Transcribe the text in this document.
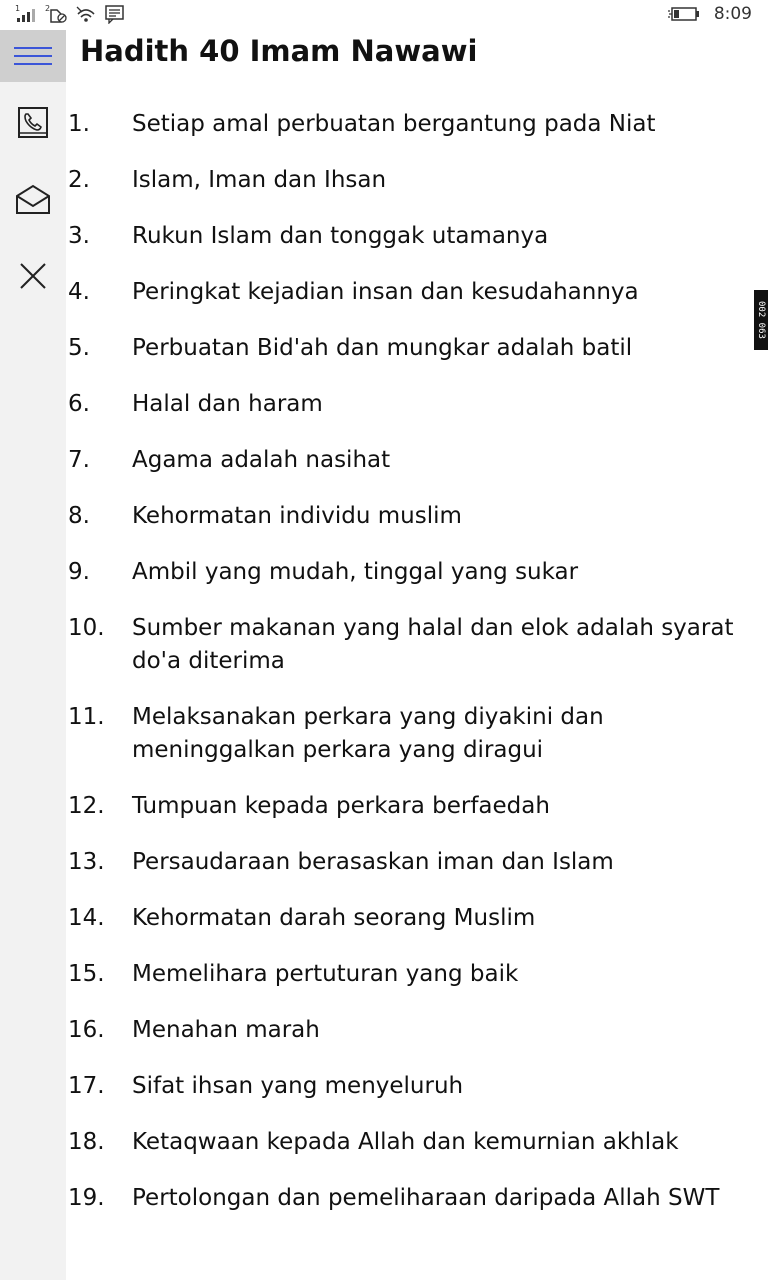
1	2	8:09
Hadith 40 Imam Nawawi
1.	Setiap amal perbuatan bergantung pada Niat
2.	Islam, Iman dan Ihsan
3.	Rukun Islam dan tonggak utamanya
4.	Peringkat kejadian insan dan kesudahannya
5.	Perbuatan Bid'ah dan mungkar adalah batil
6.	Halal dan haram
7.	Agama adalah nasihat
8.	Kehormatan individu muslim
9.	Ambil yang mudah, tinggal yang sukar
10.	Sumber makanan yang halal dan elok adalah syarat do'a diterima
11.	Melaksanakan perkara yang diyakini dan meninggalkan perkara yang diragui
12.	Tumpuan kepada perkara berfaedah
13.	Persaudaraan berasaskan iman dan Islam
14.	Kehormatan darah seorang Muslim
15.	Memelihara pertuturan yang baik
16.	Menahan marah
17.	Sifat ihsan yang menyeluruh
18.	Ketaqwaan kepada Allah dan kemurnian akhlak
19.	Pertolongan dan pemeliharaan daripada Allah SWT
002 063
